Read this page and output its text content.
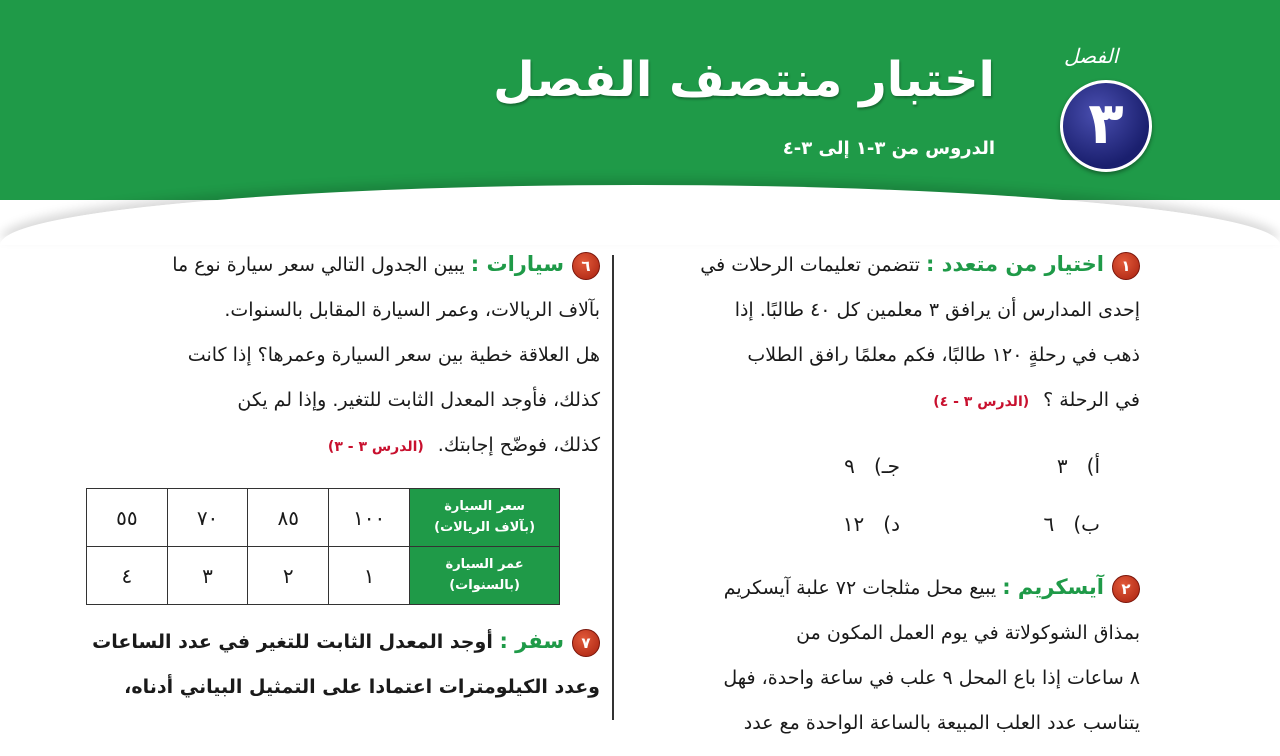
اختبار منتصف الفصل
الدروس من ٣-١ إلى ٣-٤
الفصل
٣
١اختيار من متعدد : تتضمن تعليمات الرحلات في
إحدى المدارس أن يرافق ٣ معلمين كل ٤٠ طالبًا. إذا
ذهب في رحلةٍ ١٢٠ طالبًا، فكم معلمًا رافق الطلاب
في الرحلة ؟(الدرس ٣ - ٤)
أ)   ٣
جـ)   ٩
ب)   ٦
د)   ١٢
٢آيسكريم : يبيع محل مثلجات ٧٢ علبة آيسكريم
بمذاق الشوكولاتة في يوم العمل المكون من
٨ ساعات إذا باع المحل ٩ علب في ساعة واحدة، فهل
يتناسب عدد العلب المبيعة بالساعة الواحدة مع عدد
٦سيارات : يبين الجدول التالي سعر سيارة نوع ما
بآلاف الريالات، وعمر السيارة المقابل بالسنوات.
هل العلاقة خطية بين سعر السيارة وعمرها؟ إذا كانت
كذلك، فأوجد المعدل الثابت للتغير. وإذا لم يكن
كذلك، فوضّح إجابتك.(الدرس ٣ - ٣)
سعر السيارة
(بآلاف الريالات)	١٠٠	٨٥	٧٠	٥٥
عمر السيارة
(بالسنوات)	١	٢	٣	٤
٧سفر : أوجد المعدل الثابت للتغير في عدد الساعات
وعدد الكيلومترات اعتمادا على التمثيل البياني أدناه،
